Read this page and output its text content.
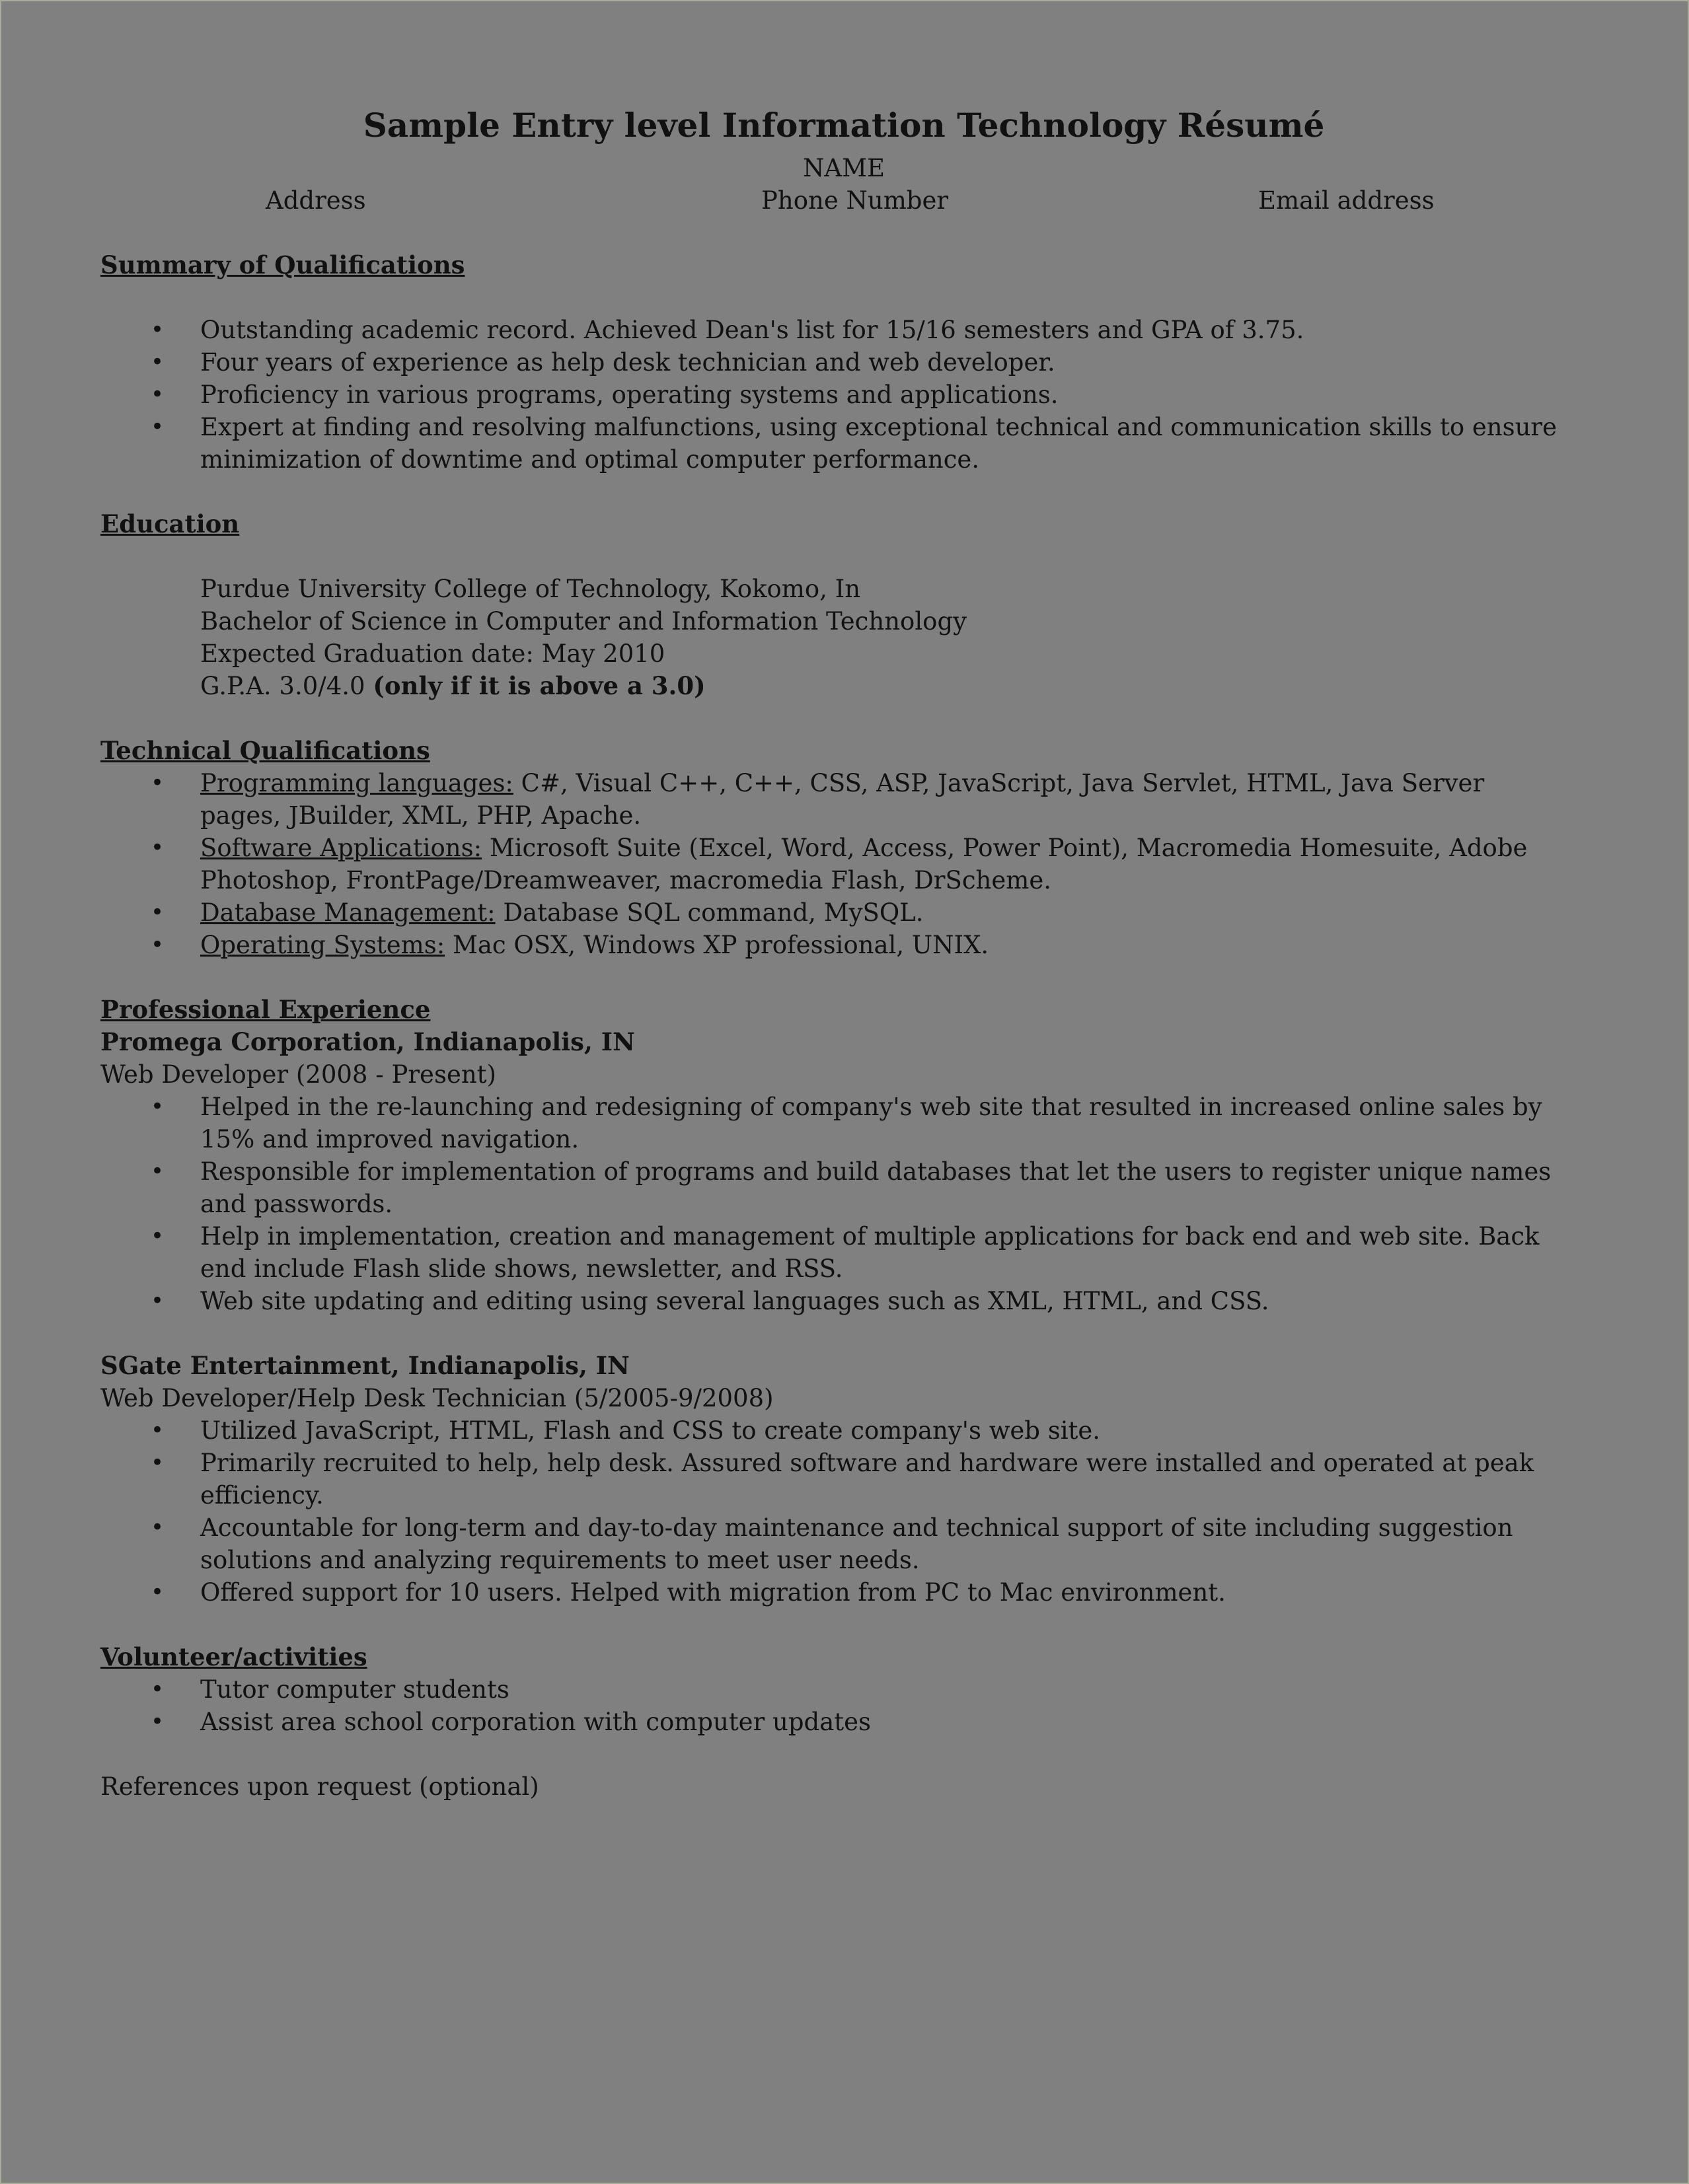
Sample Entry level Information Technology Résumé

NAME

Address	Phone Number	Email address

Summary of Qualifications

• Outstanding academic record. Achieved Dean's list for 15/16 semesters and GPA of 3.75.
• Four years of experience as help desk technician and web developer.
• Proficiency in various programs, operating systems and applications.
• Expert at finding and resolving malfunctions, using exceptional technical and communication skills to ensure minimization of downtime and optimal computer performance.

Education

Purdue University College of Technology, Kokomo, In
Bachelor of Science in Computer and Information Technology
Expected Graduation date: May 2010
G.P.A. 3.0/4.0 (only if it is above a 3.0)

Technical Qualifications

• Programming languages: C#, Visual C++, C++, CSS, ASP, JavaScript, Java Servlet, HTML, Java Server pages, JBuilder, XML, PHP, Apache.
• Software Applications: Microsoft Suite (Excel, Word, Access, Power Point), Macromedia Homesuite, Adobe Photoshop, FrontPage/Dreamweaver, macromedia Flash, DrScheme.
• Database Management: Database SQL command, MySQL.
• Operating Systems: Mac OSX, Windows XP professional, UNIX.

Professional Experience

Promega Corporation, Indianapolis, IN

Web Developer (2008 - Present)

• Helped in the re-launching and redesigning of company's web site that resulted in increased online sales by 15% and improved navigation.
• Responsible for implementation of programs and build databases that let the users to register unique names and passwords.
• Help in implementation, creation and management of multiple applications for back end and web site. Back end include Flash slide shows, newsletter, and RSS.
• Web site updating and editing using several languages such as XML, HTML, and CSS.

SGate Entertainment, Indianapolis, IN

Web Developer/Help Desk Technician (5/2005-9/2008)

• Utilized JavaScript, HTML, Flash and CSS to create company's web site.
• Primarily recruited to help, help desk. Assured software and hardware were installed and operated at peak efficiency.
• Accountable for long-term and day-to-day maintenance and technical support of site including suggestion solutions and analyzing requirements to meet user needs.
• Offered support for 10 users. Helped with migration from PC to Mac environment.

Volunteer/activities

• Tutor computer students
• Assist area school corporation with computer updates

References upon request (optional)
